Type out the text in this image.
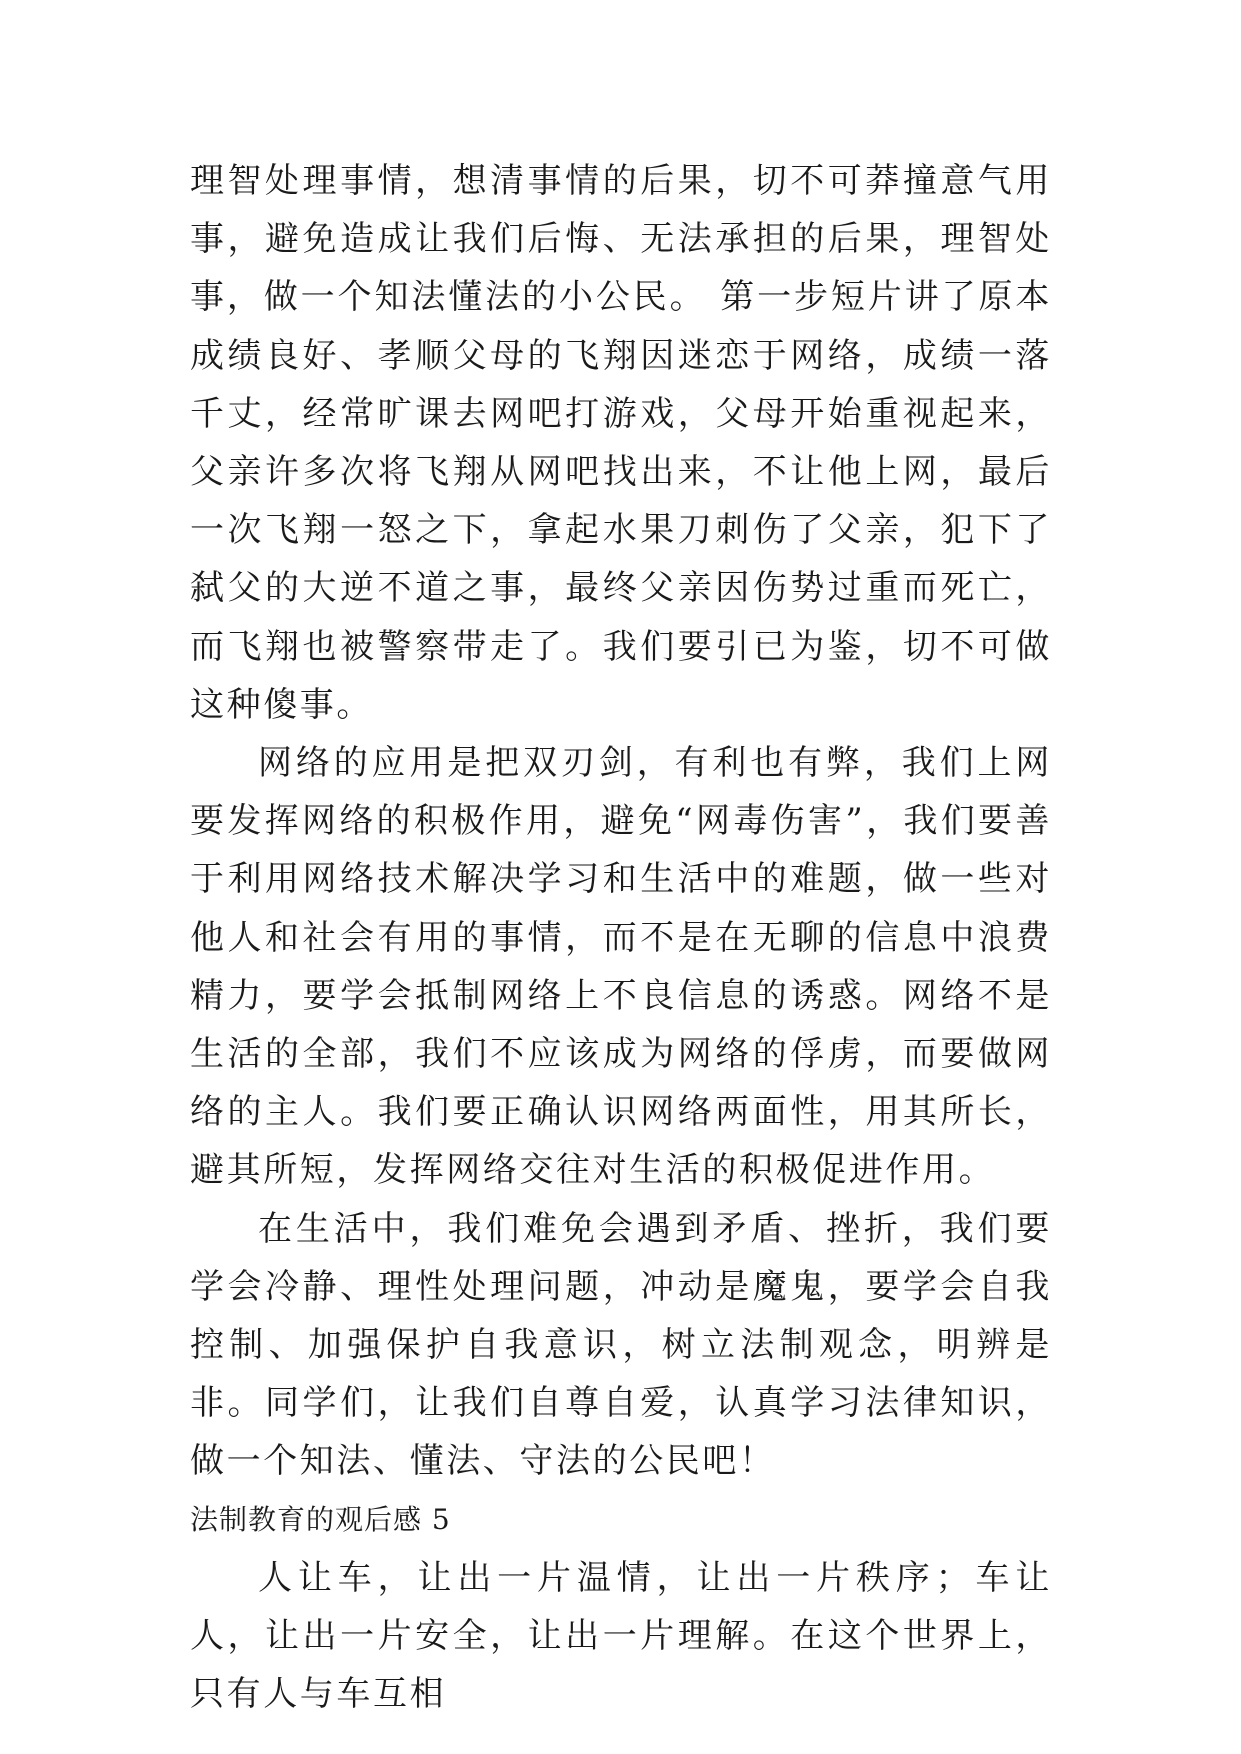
理智处理事情，想清事情的后果，切不可莽撞意气用事，避免造成让我们后悔、无法承担的后果，理智处事，做一个知法懂法的小公民。 第一步短片讲了原本成绩良好、孝顺父母的飞翔因迷恋于网络，成绩一落千丈，经常旷课去网吧打游戏，父母开始重视起来，父亲许多次将飞翔从网吧找出来，不让他上网，最后一次飞翔一怒之下，拿起水果刀刺伤了父亲，犯下了弑父的大逆不道之事，最终父亲因伤势过重而死亡，而飞翔也被警察带走了。我们要引已为鉴，切不可做这种傻事。

网络的应用是把双刃剑，有利也有弊，我们上网要发挥网络的积极作用，避免“网毒伤害”，我们要善于利用网络技术解决学习和生活中的难题，做一些对他人和社会有用的事情，而不是在无聊的信息中浪费精力，要学会抵制网络上不良信息的诱惑。网络不是生活的全部，我们不应该成为网络的俘虏，而要做网络的主人。我们要正确认识网络两面性，用其所长，避其所短，发挥网络交往对生活的积极促进作用。

在生活中，我们难免会遇到矛盾、挫折，我们要学会冷静、理性处理问题，冲动是魔鬼，要学会自我控制、加强保护自我意识，树立法制观念，明辨是非。同学们，让我们自尊自爱，认真学习法律知识，做一个知法、懂法、守法的公民吧！

法制教育的观后感 5

人让车，让出一片温情，让出一片秩序；车让人，让出一片安全，让出一片理解。在这个世界上，只有人与车互相
